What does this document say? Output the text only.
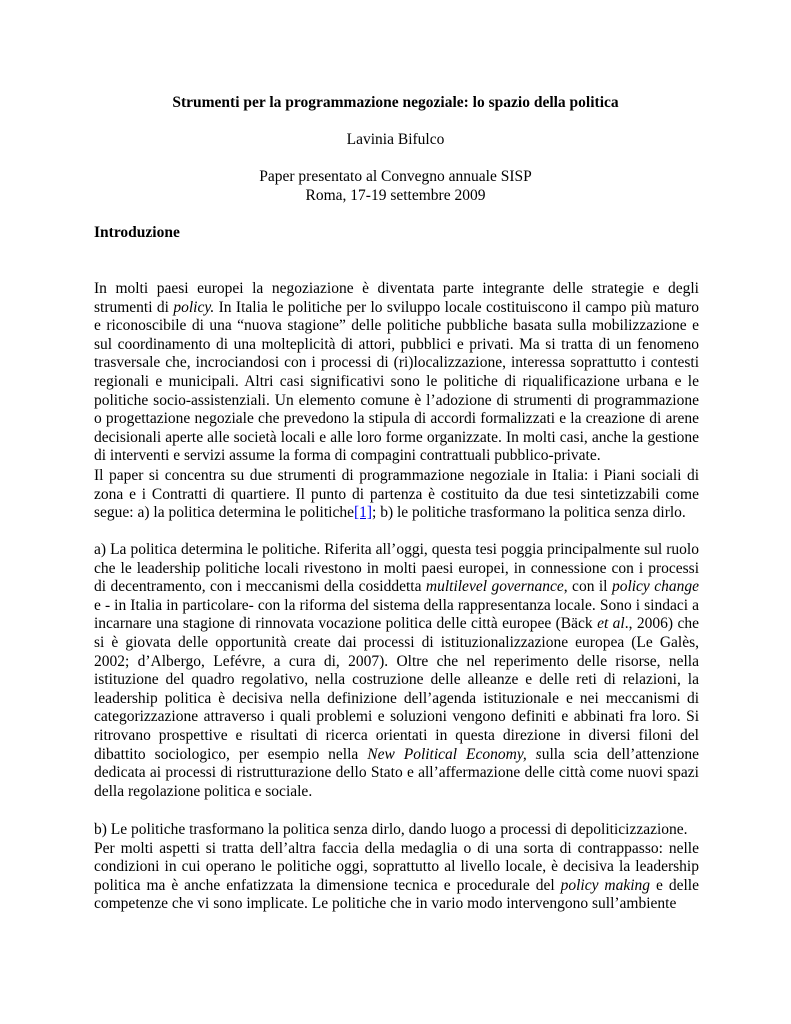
Strumenti per la programmazione negoziale: lo spazio della politica
Lavinia Bifulco
Paper presentato al Convegno annuale SISP
Roma, 17-19 settembre 2009
Introduzione
In molti paesi europei la negoziazione è diventata parte integrante delle strategie e degli strumenti di policy. In Italia le politiche per lo sviluppo locale costituiscono il campo più maturo e riconoscibile di una “nuova stagione” delle politiche pubbliche basata sulla mobilizzazione e sul coordinamento di una molteplicità di attori, pubblici e privati. Ma si tratta di un fenomeno trasversale che, incrociandosi con i processi di (ri)localizzazione, interessa soprattutto i contesti regionali e municipali. Altri casi significativi sono le politiche di riqualificazione urbana e le politiche socio-assistenziali. Un elemento comune è l’adozione di strumenti di programmazione o progettazione negoziale che prevedono la stipula di accordi formalizzati e la creazione di arene decisionali aperte alle società locali e alle loro forme organizzate. In molti casi, anche la gestione di interventi e servizi assume la forma di compagini contrattuali pubblico-private.
Il paper si concentra su due strumenti di programmazione negoziale in Italia: i Piani sociali di zona e i Contratti di quartiere. Il punto di partenza è costituito da due tesi sintetizzabili come segue: a) la politica determina le politiche[1]; b) le politiche trasformano la politica senza dirlo.
a) La politica determina le politiche. Riferita all’oggi, questa tesi poggia principalmente sul ruolo che le leadership politiche locali rivestono in molti paesi europei, in connessione con i processi di decentramento, con i meccanismi della cosiddetta multilevel governance, con il policy change e - in Italia in particolare- con la riforma del sistema della rappresentanza locale. Sono i sindaci a incarnare una stagione di rinnovata vocazione politica delle città europee (Bäck et al., 2006) che si è giovata delle opportunità create dai processi di istituzionalizzazione europea (Le Galès, 2002; d’Albergo, Lefévre, a cura di, 2007). Oltre che nel reperimento delle risorse, nella istituzione del quadro regolativo, nella costruzione delle alleanze e delle reti di relazioni, la leadership politica è decisiva nella definizione dell’agenda istituzionale e nei meccanismi di categorizzazione attraverso i quali problemi e soluzioni vengono definiti e abbinati fra loro. Si ritrovano prospettive e risultati di ricerca orientati in questa direzione in diversi filoni del dibattito sociologico, per esempio nella New Political Economy, sulla scia dell’attenzione dedicata ai processi di ristrutturazione dello Stato e all’affermazione delle città come nuovi spazi della regolazione politica e sociale.
b) Le politiche trasformano la politica senza dirlo, dando luogo a processi di depoliticizzazione.
Per molti aspetti si tratta dell’altra faccia della medaglia o di una sorta di contrappasso: nelle condizioni in cui operano le politiche oggi, soprattutto al livello locale, è decisiva la leadership politica ma è anche enfatizzata la dimensione tecnica e procedurale del policy making e delle competenze che vi sono implicate. Le politiche che in vario modo intervengono sull’ambiente
